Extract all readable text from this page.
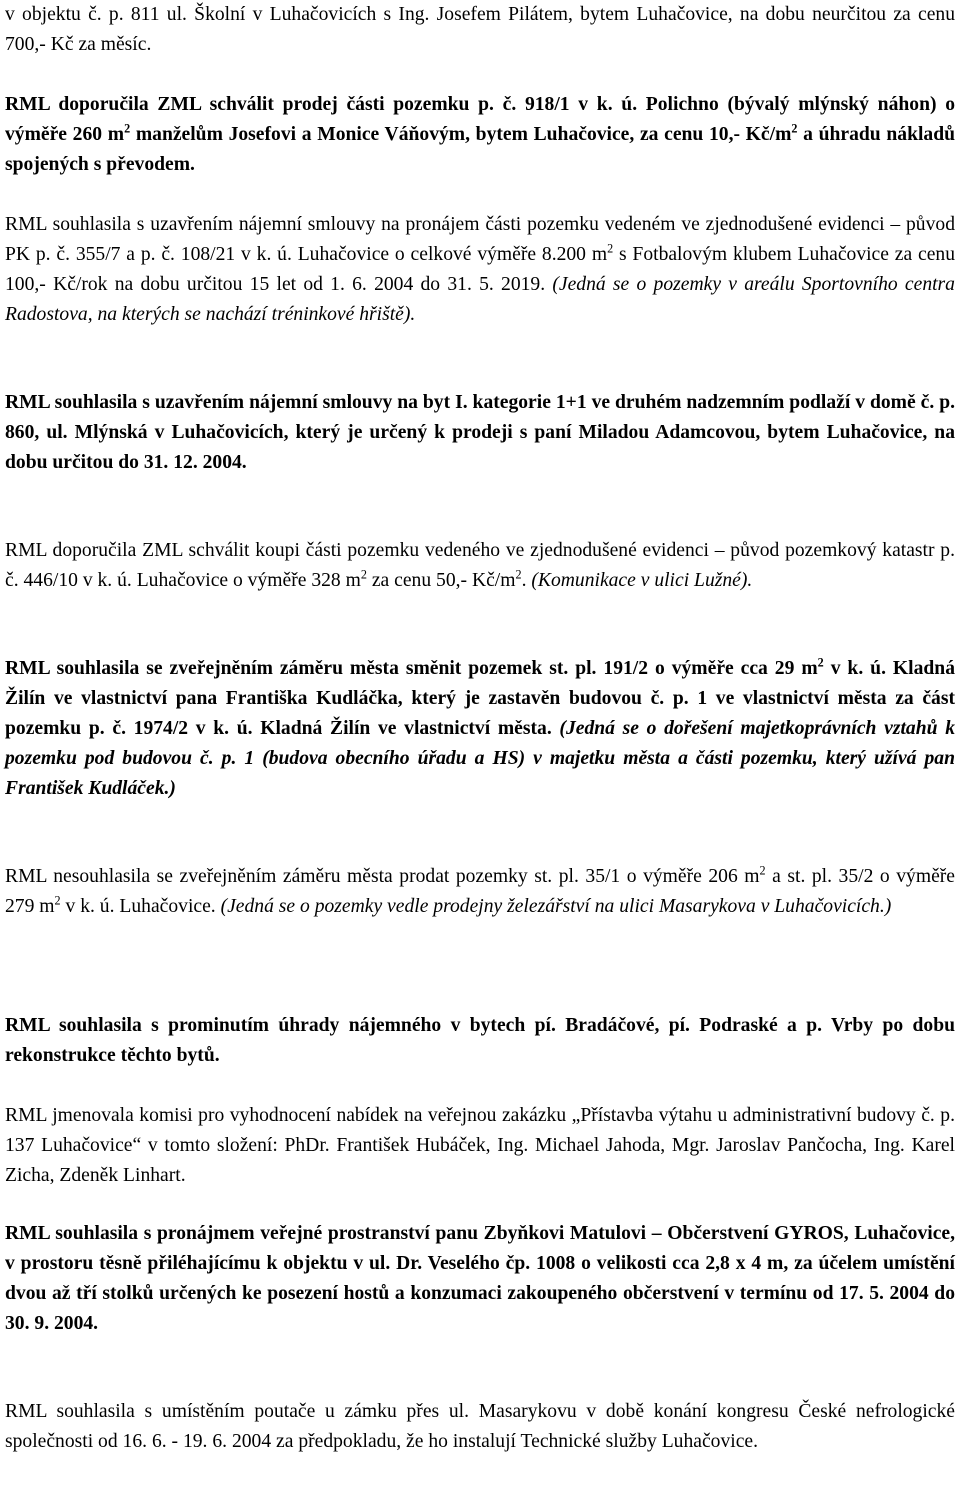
v objektu č. p. 811 ul. Školní v Luhačovicích s Ing. Josefem Pilátem, bytem Luhačovice, na dobu neurčitou za cenu 700,- Kč za měsíc.

RML doporučila ZML schválit prodej části pozemku p. č. 918/1 v k. ú. Polichno (bývalý mlýnský náhon) o výměře 260 $m^2$ manželům Josefovi a Monice Váňovým, bytem Luhačovice, za cenu 10,- $Kč/m^2$ a úhradu nákladů spojených s převodem.

RML souhlasila s uzavřením nájemní smlouvy na pronájem části pozemku vedeném ve zjednodušené evidenci – původ PK p. č. 355/7 a p. č. 108/21 v k. ú. Luhačovice o celkové výměře 8.200 $m^2$ s Fotbalovým klubem Luhačovice za cenu 100,- Kč/rok na dobu určitou 15 let od 1. 6. 2004 do 31. 5. 2019. (Jedná se o pozemky v areálu Sportovního centra Radostova, na kterých se nachází tréninkové hřiště).

RML souhlasila s uzavřením nájemní smlouvy na byt I. kategorie 1+1 ve druhém nadzemním podlaží v domě č. p. 860, ul. Mlýnská v Luhačovicích, který je určený k prodeji s paní Miladou Adamcovou, bytem Luhačovice, na dobu určitou do 31. 12. 2004.

RML doporučila ZML schválit koupi části pozemku vedeného ve zjednodušené evidenci – původ pozemkový katastr p. č. 446/10 v k. ú. Luhačovice o výměře 328 $m^2$ za cenu 50,- $Kč/m^2$. (Komunikace v ulici Lužné).

RML souhlasila se zveřejněním záměru města směnit pozemek st. pl. 191/2 o výměře cca 29 $m^2$ v k. ú. Kladná Žilín ve vlastnictví pana Františka Kudláčka, který je zastavěn budovou č. p. 1 ve vlastnictví města za část pozemku p. č. 1974/2 v k. ú. Kladná Žilín ve vlastnictví města. (Jedná se o dořešení majetkoprávních vztahů k pozemku pod budovou č. p. 1 (budova obecního úřadu a HS) v majetku města a části pozemku, který užívá pan František Kudláček.)

RML nesouhlasila se zveřejněním záměru města prodat pozemky st. pl. 35/1 o výměře 206 $m^2$ a st. pl. 35/2 o výměře 279 $m^2$ v k. ú. Luhačovice. (Jedná se o pozemky vedle prodejny železářství na ulici Masarykova v Luhačovicích.)

RML souhlasila s prominutím úhrady nájemného v bytech pí. Bradáčové, pí. Podraské a p. Vrby po dobu rekonstrukce těchto bytů.

RML jmenovala komisi pro vyhodnocení nabídek na veřejnou zakázku „Přístavba výtahu u administrativní budovy č. p. 137 Luhačovice“ v tomto složení: PhDr. František Hubáček, Ing. Michael Jahoda, Mgr. Jaroslav Pančocha, Ing. Karel Zicha, Zdeněk Linhart.

RML souhlasila s pronájmem veřejné prostranství panu Zbyňkovi Matulovi – Občerstvení GYROS, Luhačovice, v prostoru těsně přiléhajícímu k objektu v ul. Dr. Veselého čp. 1008 o velikosti cca 2,8 x 4 m, za účelem umístění dvou až tří stolků určených ke posezení hostů a konzumaci zakoupeného občerstvení v termínu od 17. 5. 2004 do 30. 9. 2004.

RML souhlasila s umístěním poutače u zámku přes ul. Masarykovu v době konání kongresu České nefrologické společnosti od 16. 6. - 19. 6. 2004 za předpokladu, že ho instalují Technické služby Luhačovice.
